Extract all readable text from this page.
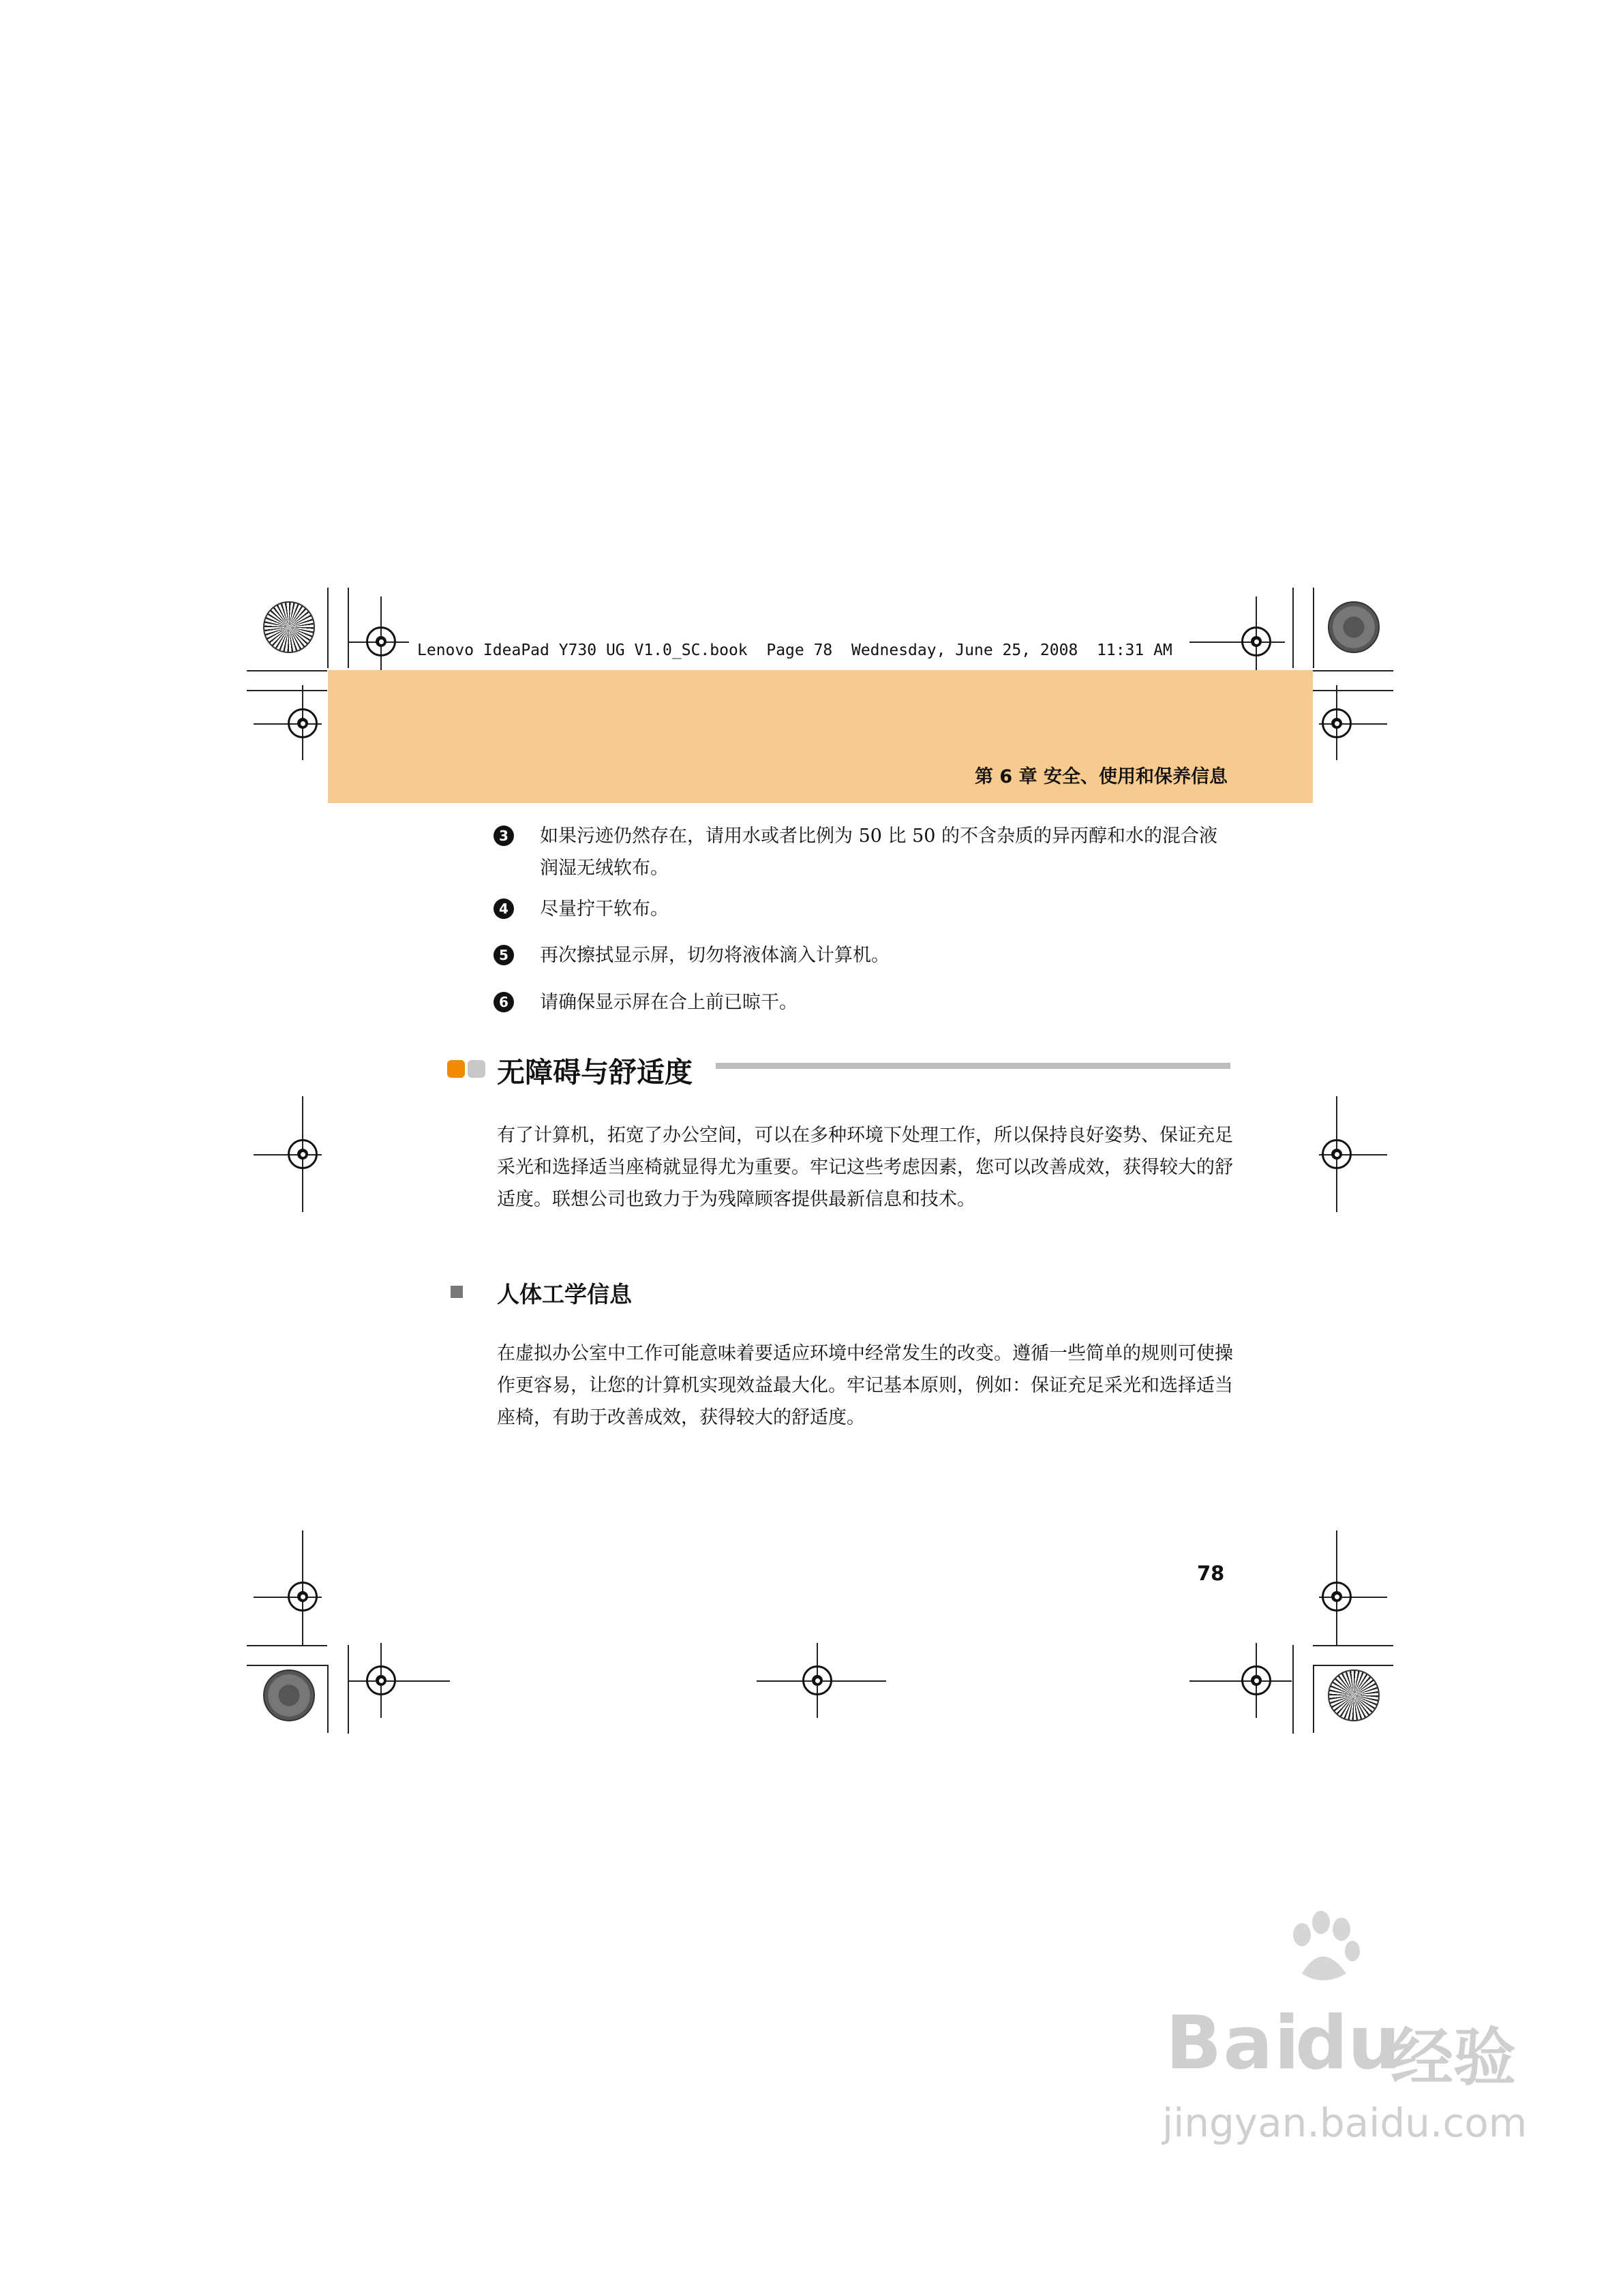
Lenovo IdeaPad Y730 UG V1.0_SC.book  Page 78  Wednesday, June 25, 2008  11:31 AM
第 6 章 安全、使用和保养信息
3 如果污迹仍然存在，请用水或者比例为 50 比 50 的不含杂质的异丙醇和水的混合液润湿无绒软布。
4 尽量拧干软布。
5 再次擦拭显示屏，切勿将液体滴入计算机。
6 请确保显示屏在合上前已晾干。
无障碍与舒适度
有了计算机，拓宽了办公空间，可以在多种环境下处理工作，所以保持良好姿势、保证充足采光和选择适当座椅就显得尤为重要。牢记这些考虑因素，您可以改善成效，获得较大的舒适度。联想公司也致力于为残障顾客提供最新信息和技术。
人体工学信息
在虚拟办公室中工作可能意味着要适应环境中经常发生的改变。遵循一些简单的规则可使操作更容易，让您的计算机实现效益最大化。牢记基本原则，例如：保证充足采光和选择适当座椅，有助于改善成效，获得较大的舒适度。
78
Bai
du
经验
jingyan.baidu.com
